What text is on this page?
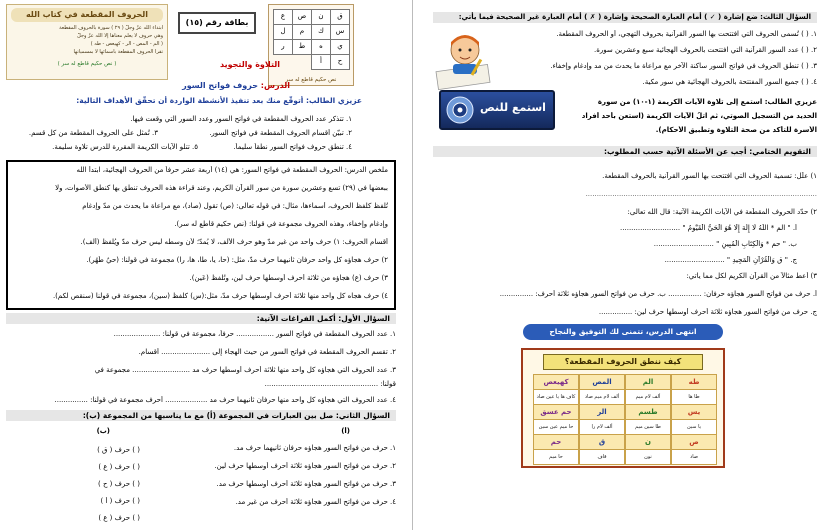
الحروف المقطعة في كتاب الله
ابتداء الله عزّ وجلّ ( ٢٩ ) سورة بالحروف المقطعة
وهي حروف لا يعلم معناها إلا الله عزّ وجلّ
( ألم - ألمص - ألر - كهيعص - طه )
تقرأ الحروف المقطعة بأسمائها لا بمسمياتها
( نص حكيم قاطع له سر )
بطاقة رقم (١٥)
ق
ن
ص
ع
س
ك
م
ل
ي
ه
ط
ر
ح
أ
نص حكيم قاطع له سر
التلاوة والتجويد
الدرس: حروف فواتح السور
عزيزي الطالب: أتوقّع منك بعد تنفيذ الأنشطة الواردة أن تحقّق الأهداف التالية:
١. تتذكر عدد الحروف المقطعة في فواتح السور وعدد السور التي وقعت فيها.
٢. تبيّن أقسام الحروف المقطعة في فواتح السور.
٣. تُمثل على الحروف المقطعة من كل قسم.
٤. تنطق حروف فواتح السور نطقاً سليماً.
٥. تتلو الآيات الكريمة المقررة للدرس تلاوة سليمة.
ملخص الدرس: الحروف المقطعة في فواتح السور: هي (١٤) أربعة عشر حرفاً من الحروف الهجائية، ابتدأ الله
ببعضها في (٢٩) تسع وعشرين سورة من سور القرآن الكريم، وعند قراءة هذه الحروف تنطق بها كنطق الأصوات، ولا
تُلفظ كلفظ الحروف، أسماءها، مثال: في قوله تعالى: (ص) تقول (صاد)، مع مراعاة ما يحدث من مدّ وإدغام
وإدغام وإخفاء، وهذه الحروف مجموعة في قولنا: (نص حكيم قاطع له سر).
أقسام الحروف: ١) حرف واحد من غير مدّ وهو حرف الألف، لا يُمدّ؛ لأن وسطه ليس حرف مدّ ويُلفظ (ألف).
٢) حرف هجاؤه كل واحد حرفان ثانيهما حرف مدّ، مثل: (حا، يا، طا، ها، را) مجموعة في قولنا: (حيٌ طَهُر).
٣) حرف (ع) هجاؤه من ثلاثة أحرف أوسطها حرف لين، وتُلفظ (عَين).
٤) حرف هجاه كل واحد منها ثلاثة أحرف أوسطها حرف مدّ، مثل:(س) كلفظ (سين)، مجموعة في قولنا (سنقص لكم).
السؤال الأول: أكمل الفراغات الآتية:
١. عدد الحروف المقطعة في فواتح السور ................. حرفاً، مجموعة في قولنا: .....................
٢. تقسم الحروف المقطعة في فواتح السور من حيث الهجاء إلى ...................... أقسام.
٣. عدد الحروف التي هجاؤه كل واحد منها ثلاثة أحرف أوسطها حرف مد .......................... مجموعة في
قولنا: ...................................................
٤. عدد الحروف التي هجاؤه كل واحد منها حرفان ثانيهما حرف مد ................... أحرف مجموعة في قولنا: ...............
السؤال الثاني: صل بين العبارات في المجموعة (أ) مع ما يناسبها من المجموعة (ب):
(أ)
(ب)
١. حرف من فواتح السور هجاؤه حرفان ثانيهما حرف مد.
٢. حرف من فواتح السور هجاؤه ثلاثة أحرف أوسطها حرف لين.
٣. حرف من فواتح السور هجاؤه ثلاثة أحرف أوسطها حرف مد.
٤. حرف من فواتح السور هجاؤه ثلاثة أحرف من غير مد.
( ) حرف ( ق )
( ) حرف ( ع )
( ) حرف ( ح )
( ) حرف ( أ )
( ) حرف ( ع )
السؤال الثالث: ضع إشارة ( ✓ ) أمام العبارة الصحيحة وإشارة ( ✗ ) أمام العبارة غير الصحيحة فيما يأتي:
١. ( ) تُسمى الحروف التي افتتحت بها السور القرآنية بحروف التهجي، أو الحروف المقطعة.
٢. ( ) عدد السور القرآنية التي افتتحت بالحروف الهجائية سبع وعشرين سورة.
٣. ( ) تنطق الحروف في فواتح السور ساكنة الآخر مع مراعاة ما يحدث من مد وإدغام وإخفاء.
٤. ( ) جميع السور المفتتحة بالحروف الهجائية هي سور مكية.
استمع للنص	عزيزي الطالب: استمع إلى تلاوة الآيات الكريمة (١-١٠) من سورة
الحديد من التسجيل الصوتي، ثم اتلُ الآيات الكريمة (استعن بأحد أفراد
الأسرة للتأكد من صحة التلاوة وتطبيق الأحكام).
التقويم الختامي: أجب عن الأسئلة الآتية حسب المطلوب:
١) علّل: تسمية الحروف التي افتتحت بها السور القرآنية بالحروف المقطعة.
........................................................................................................
٢) حدّد الحروف المقطّعة في الآيات الكريمة الآتية: قال الله تعالى:
أ. " الم * اللَّهُ لَا إِلَهَ إِلَّا هُوَ الْحَيُّ الْقَيُّومُ " ...........................
ب. " حم * وَالْكِتَابِ الْمُبِينِ " ...........................
ج. " ق وَالْقُرْآنِ الْمَجِيدِ " ...........................
٣) أعط مثالاً من القرآن الكريم لكل مما يأتي:
أ. حرف من فواتح السور هجاؤه حرفان: ............... ب. حرف من فواتح السور هجاؤه ثلاثة أحرف: ...............
ج. حرف من فواتح السور هجاؤه ثلاثة أحرف أوسطها حرف لين: ...............
انتهى الدرس، تتمنى لك التوفيق والنجاح
كيف ننطق الحروف المقطعة؟
طه
الم
المص
كهيعص
طا ها
ألف لام ميم
ألف لام ميم صاد
كاف ها يا عين صاد
يس
طسم
الر
حم عسق
يا سين
طا سين ميم
ألف لام را
حا ميم عين سين
ص
ن
ق
حم
صاد
نون
قاف
حا ميم
